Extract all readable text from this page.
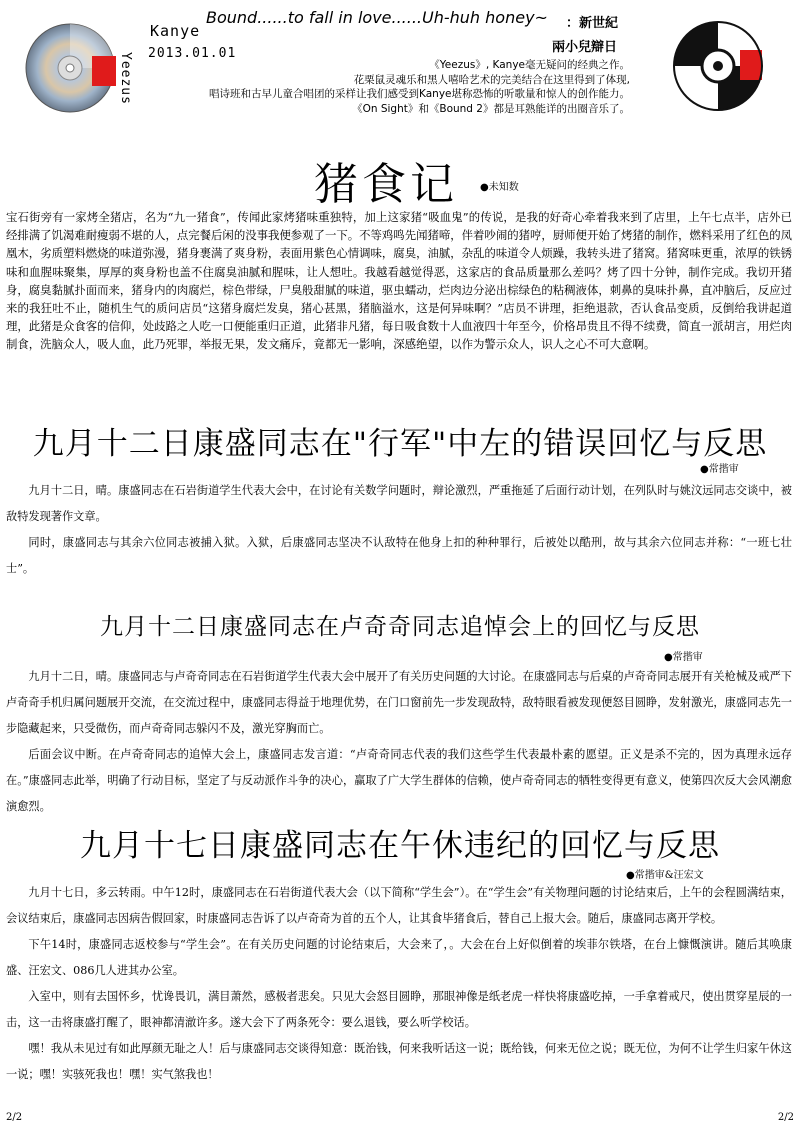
Kanye
Yeezus 2013.01.01
Bound......to fall in love......Uh-huh honey~ ：新世紀
兩小兒辯日
《Yeezus》, Kanye毫无疑问的经典之作。
花栗鼠灵魂乐和黑人嘻哈艺术的完美结合在这里得到了体现,
唱诗班和古早儿童合唱团的采样让我们感受到Kanye堪称恐怖的听歌量和惊人的创作能力。
《On Sight》和《Bound 2》都是耳熟能详的出圈音乐了。
猪食记 ●未知数
宝石街旁有一家烤全猪店，名为“九一猪食”，传闻此家烤猪味重独特，加上这家猪“吸血鬼”的传说，是我的好奇心牵着我来到了店里，上午七点半，店外已经排满了饥渴难耐瘦弱不堪的人，点完餐后闲的没事我便参观了一下。不等鸡鸣先闻猪啼，伴着吵闹的猪哼，厨师便开始了烤猪的制作，燃料采用了红色的凤凰木，劣质塑料燃烧的味道弥漫，猪身裹满了爽身粉，表面用紫色心情调味，腐臭，油腻，杂乱的味道令人烦躁，我转头进了猪窝。猪窝味更重，浓厚的铁锈味和血腥味聚集，厚厚的爽身粉也盖不住腐臭油腻和腥味，让人想吐。我越看越觉得恶，这家店的食品质量那么差吗？烤了四十分钟，制作完成。我切开猪身，腐臭黏腻扑面而来，猪身内的肉腐烂，棕色带绿，尸臭般甜腻的味道，驱虫蠕动，烂肉边分泌出棕绿色的粘稠液体，刺鼻的臭味扑鼻，直冲脑后，反应过来的我狂吐不止，随机生气的质问店员“这猪身腐烂发臭，猪心甚黑，猪脑溢水，这是何异味啊？”店员不讲理，拒绝退款，否认食品变质，反倒给我讲起道理，此猪是众食客的信仰，处歧路之人吃一口便能重归正道，此猪非凡猪，每日吸食数十人血液四十年至今，价格昂贵且不得不续费，简直一派胡言，用烂肉制食，洗脑众人，吸人血，此乃死罪，举报无果，发文痛斥，竟都无一影响，深感绝望，以作为警示众人，识人之心不可大意啊。
九月十二日康盛同志在"行军"中左的错误回忆与反思
●常揩审

九月十二日，晴。康盛同志在石岩街道学生代表大会中，在讨论有关数学问题时，辩论激烈，严重拖延了后面行动计划，在列队时与姚汶远同志交谈中，被敌特发现著作文章。

同时，康盛同志与其余六位同志被捕入狱。入狱，后康盛同志坚决不认敌特在他身上扣的种种罪行，后被处以酷刑，故与其余六位同志并称：“一班七壮士”。

九月十二日康盛同志在卢奇奇同志追悼会上的回忆与反思
●常揩审

九月十二日，晴。康盛同志与卢奇奇同志在石岩街道学生代表大会中展开了有关历史问题的大讨论。在康盛同志与后桌的卢奇奇同志展开有关枪械及戒严下卢奇奇手机归属问题展开交流，在交流过程中，康盛同志得益于地理优势，在门口窗前先一步发现敌特，敌特眼看被发现便怒目圆睁，发射激光，康盛同志先一步隐藏起来，只受微伤，而卢奇奇同志躲闪不及，激光穿胸而亡。

后面会议中断。在卢奇奇同志的追悼大会上，康盛同志发言道：“卢奇奇同志代表的我们这些学生代表最朴素的愿望。正义是杀不完的，因为真理永远存在。”康盛同志此举，明确了行动目标，坚定了与反动派作斗争的决心，赢取了广大学生群体的信赖，使卢奇奇同志的牺牲变得更有意义，使第四次反大会风潮愈演愈烈。

九月十七日康盛同志在午休违纪的回忆与反思
●常揩审&汪宏文

九月十七日，多云转雨。中午12时，康盛同志在石岩街道代表大会（以下简称“学生会”）。在“学生会”有关物理问题的讨论结束后，上午的会程圆满结束，会议结束后，康盛同志因病告假回家，时康盛同志告诉了以卢奇奇为首的五个人，让其食毕猪食后，替自己上报大会。随后，康盛同志离开学校。

下午14时，康盛同志返校参与“学生会”。在有关历史问题的讨论结束后，大会来了，。大会在台上好似倒着的埃菲尔铁塔，在台上慷慨演讲。随后其唤康盛、汪宏文、086几人进其办公室。

入室中，则有去国怀乡，忧谗畏讥，满目萧然，感极者悲矣。只见大会怒目圆睁，那眼神像是纸老虎一样快将康盛吃掉，一手拿着戒尺，使出贯穿星辰的一击，这一击将康盛打醒了，眼神都清澈许多。遂大会下了两条死令：要么退钱，要么听学校话。

嘿！我从未见过有如此厚颜无耻之人！后与康盛同志交谈得知意：既治钱，何来我听话这一说；既给钱，何来无位之说；既无位，为何不让学生归家午休这一说；嘿！实骇死我也！嘿！实气煞我也！

2/2	2/2
